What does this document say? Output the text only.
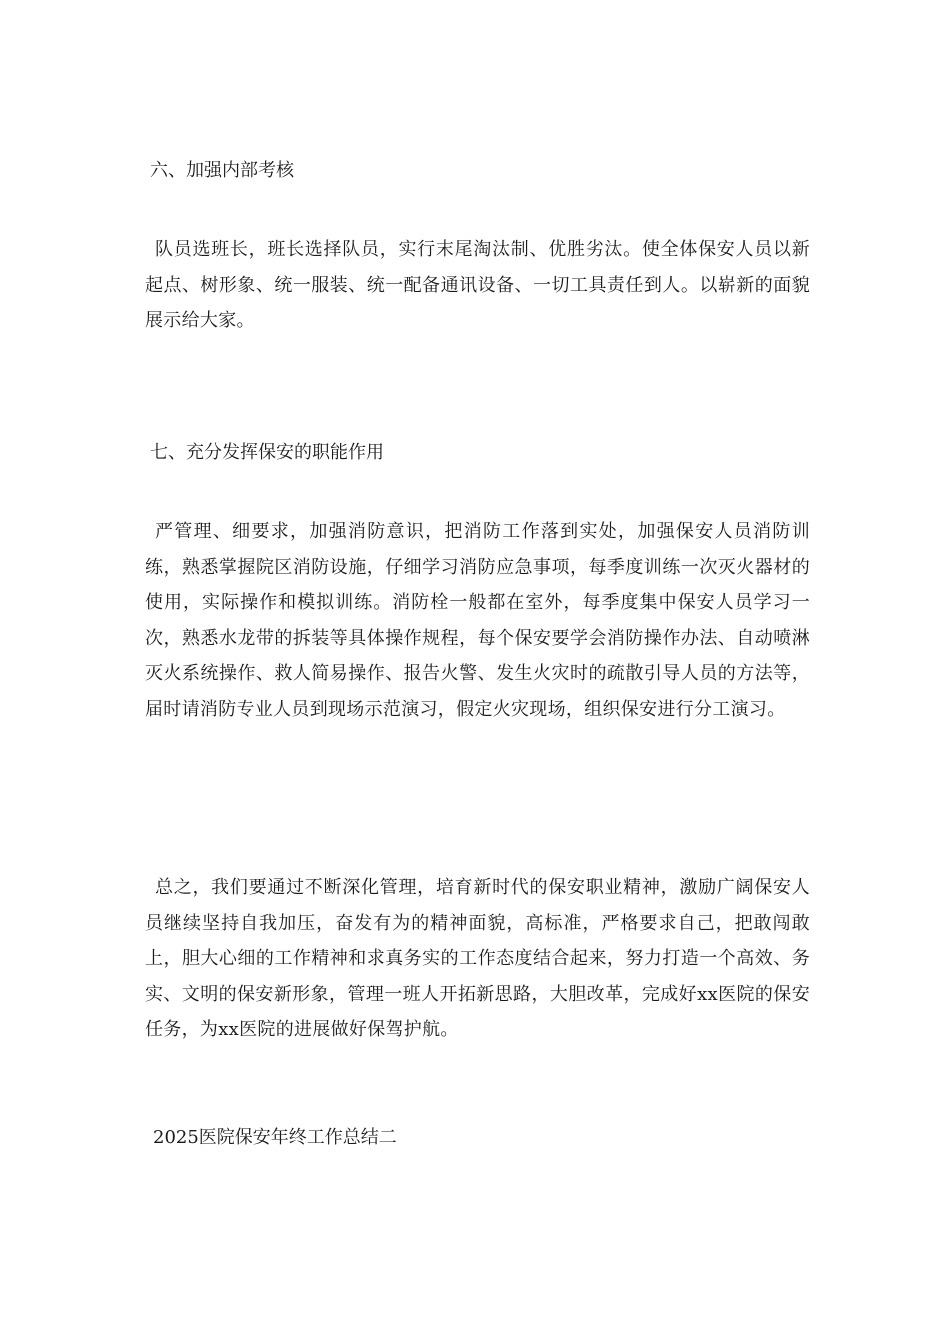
六、加强内部考核

队员选班长，班长选择队员，实行末尾淘汰制、优胜劣汰。使全体保安人员以新起点、树形象、统一服装、统一配备通讯设备、一切工具责任到人。以崭新的面貌展示给大家。

七、充分发挥保安的职能作用

严管理、细要求，加强消防意识，把消防工作落到实处，加强保安人员消防训练，熟悉掌握院区消防设施，仔细学习消防应急事项，每季度训练一次灭火器材的使用，实际操作和模拟训练。消防栓一般都在室外，每季度集中保安人员学习一次，熟悉水龙带的拆装等具体操作规程，每个保安要学会消防操作办法、自动喷淋灭火系统操作、救人简易操作、报告火警、发生火灾时的疏散引导人员的方法等，届时请消防专业人员到现场示范演习，假定火灾现场，组织保安进行分工演习。

总之，我们要通过不断深化管理，培育新时代的保安职业精神，激励广阔保安人员继续坚持自我加压，奋发有为的精神面貌，高标准，严格要求自己，把敢闯敢上，胆大心细的工作精神和求真务实的工作态度结合起来，努力打造一个高效、务实、文明的保安新形象，管理一班人开拓新思路，大胆改革，完成好xx医院的保安任务，为xx医院的进展做好保驾护航。

2025医院保安年终工作总结二
